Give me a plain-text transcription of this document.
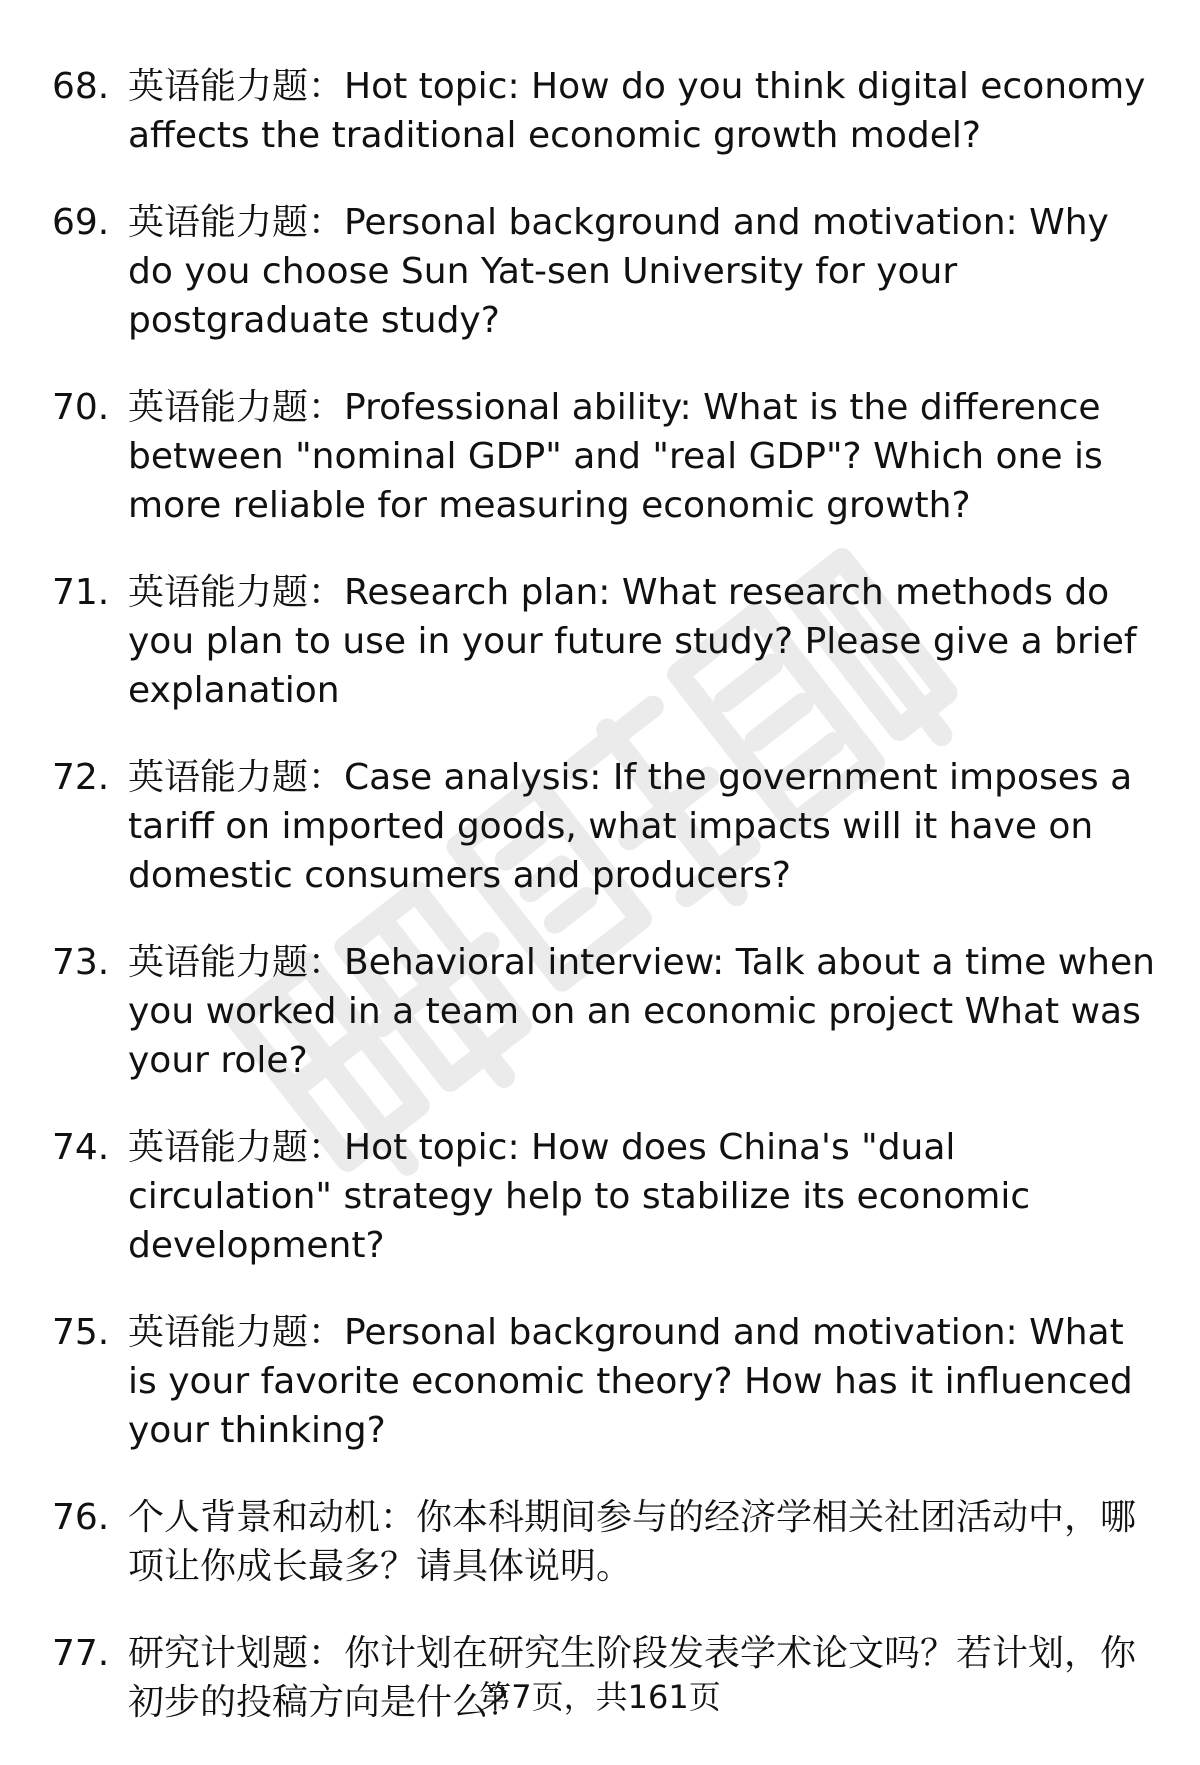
68. 英语能力题：Hot topic: How do you think digital economy affects the traditional economic growth model?
69. 英语能力题：Personal background and motivation: Why do you choose Sun Yat-sen University for your postgraduate study?
70. 英语能力题：Professional ability: What is the difference between "nominal GDP" and "real GDP"? Which one is more reliable for measuring economic growth?
71. 英语能力题：Research plan: What research methods do you plan to use in your future study? Please give a brief explanation
72. 英语能力题：Case analysis: If the government imposes a tariff on imported goods, what impacts will it have on domestic consumers and producers?
73. 英语能力题：Behavioral interview: Talk about a time when you worked in a team on an economic project What was your role?
74. 英语能力题：Hot topic: How does China's "dual circulation" strategy help to stabilize its economic development?
75. 英语能力题：Personal background and motivation: What is your favorite economic theory? How has it influenced your thinking?
76. 个人背景和动机：你本科期间参与的经济学相关社团活动中，哪项让你成长最多？请具体说明。
77. 研究计划题：你计划在研究生阶段发表学术论文吗？若计划，你初步的投稿方向是什么？
第7页，共161页
